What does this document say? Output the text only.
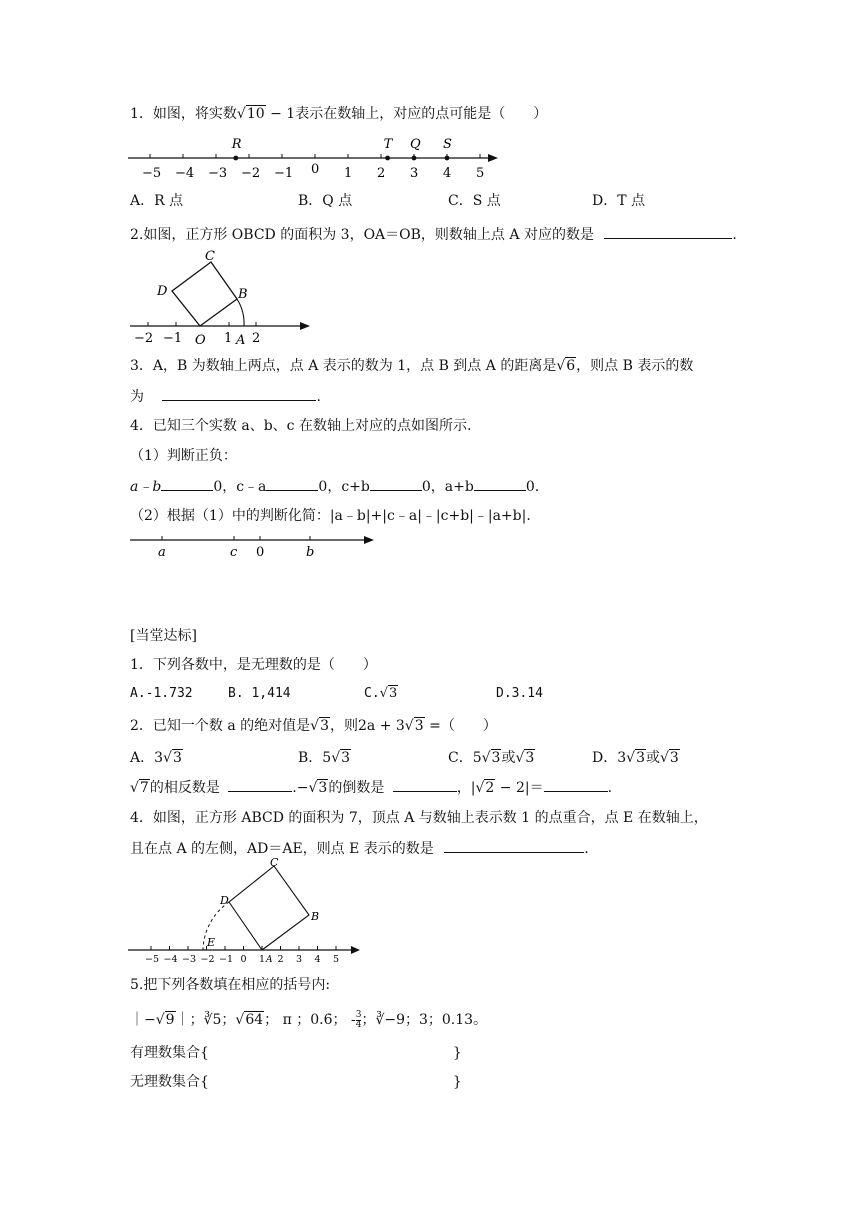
1．如图，将实数√10 − 1表示在数轴上，对应的点可能是（　　）
−5 −4 −3 −2 −1 0 1 2 3 4 5
R	T Q S
A．R 点	B．Q 点	C．S 点	D．T 点
2.如图，正方形 OBCD 的面积为 3，OA＝OB，则数轴上点 A 对应的数是	.
−2 −1 O 1 A 2
C
D	B
3．A，B 为数轴上两点，点 A 表示的数为 1，点 B 到点 A 的距离是√6，则点 B 表示的数
为	.
4．已知三个实数 a、b、c 在数轴上对应的点如图所示.
（1）判断正负：
a﹣b	0，c﹣a	0，c+b	0，a+b	0.
（2）根据（1）中的判断化简：|a﹣b|+|c﹣a|﹣|c+b|﹣|a+b|.
a	c 0	b
[当堂达标]
1．下列各数中，是无理数的是（　　）
A.-1.732	B. 1,414	C.√3	D.3.14
2．已知一个数 a 的绝对值是√3，则2a + 3√3 =（　　）
A．3√3	B．5√3	C．5√3或√3	D．3√3或√3
√7的相反数是	.−√3的倒数是	，|√2 − 2|＝	.
4．如图，正方形 ABCD 的面积为 7，顶点 A 与数轴上表示数 1 的点重合，点 E 在数轴上，
且在点 A 的左侧，AD＝AE，则点 E 表示的数是	.
−5 −4 −3 −2 −1 0 1 2 3 4 5
C
D
B
E
A
5.把下列各数填在相应的括号内:
｜−√9｜；∛5；√64； π ；0.6̇； - $\frac{3}{4}$ ；∛−9；3；0.13。
有理数集合{	}
无理数集合{	}
